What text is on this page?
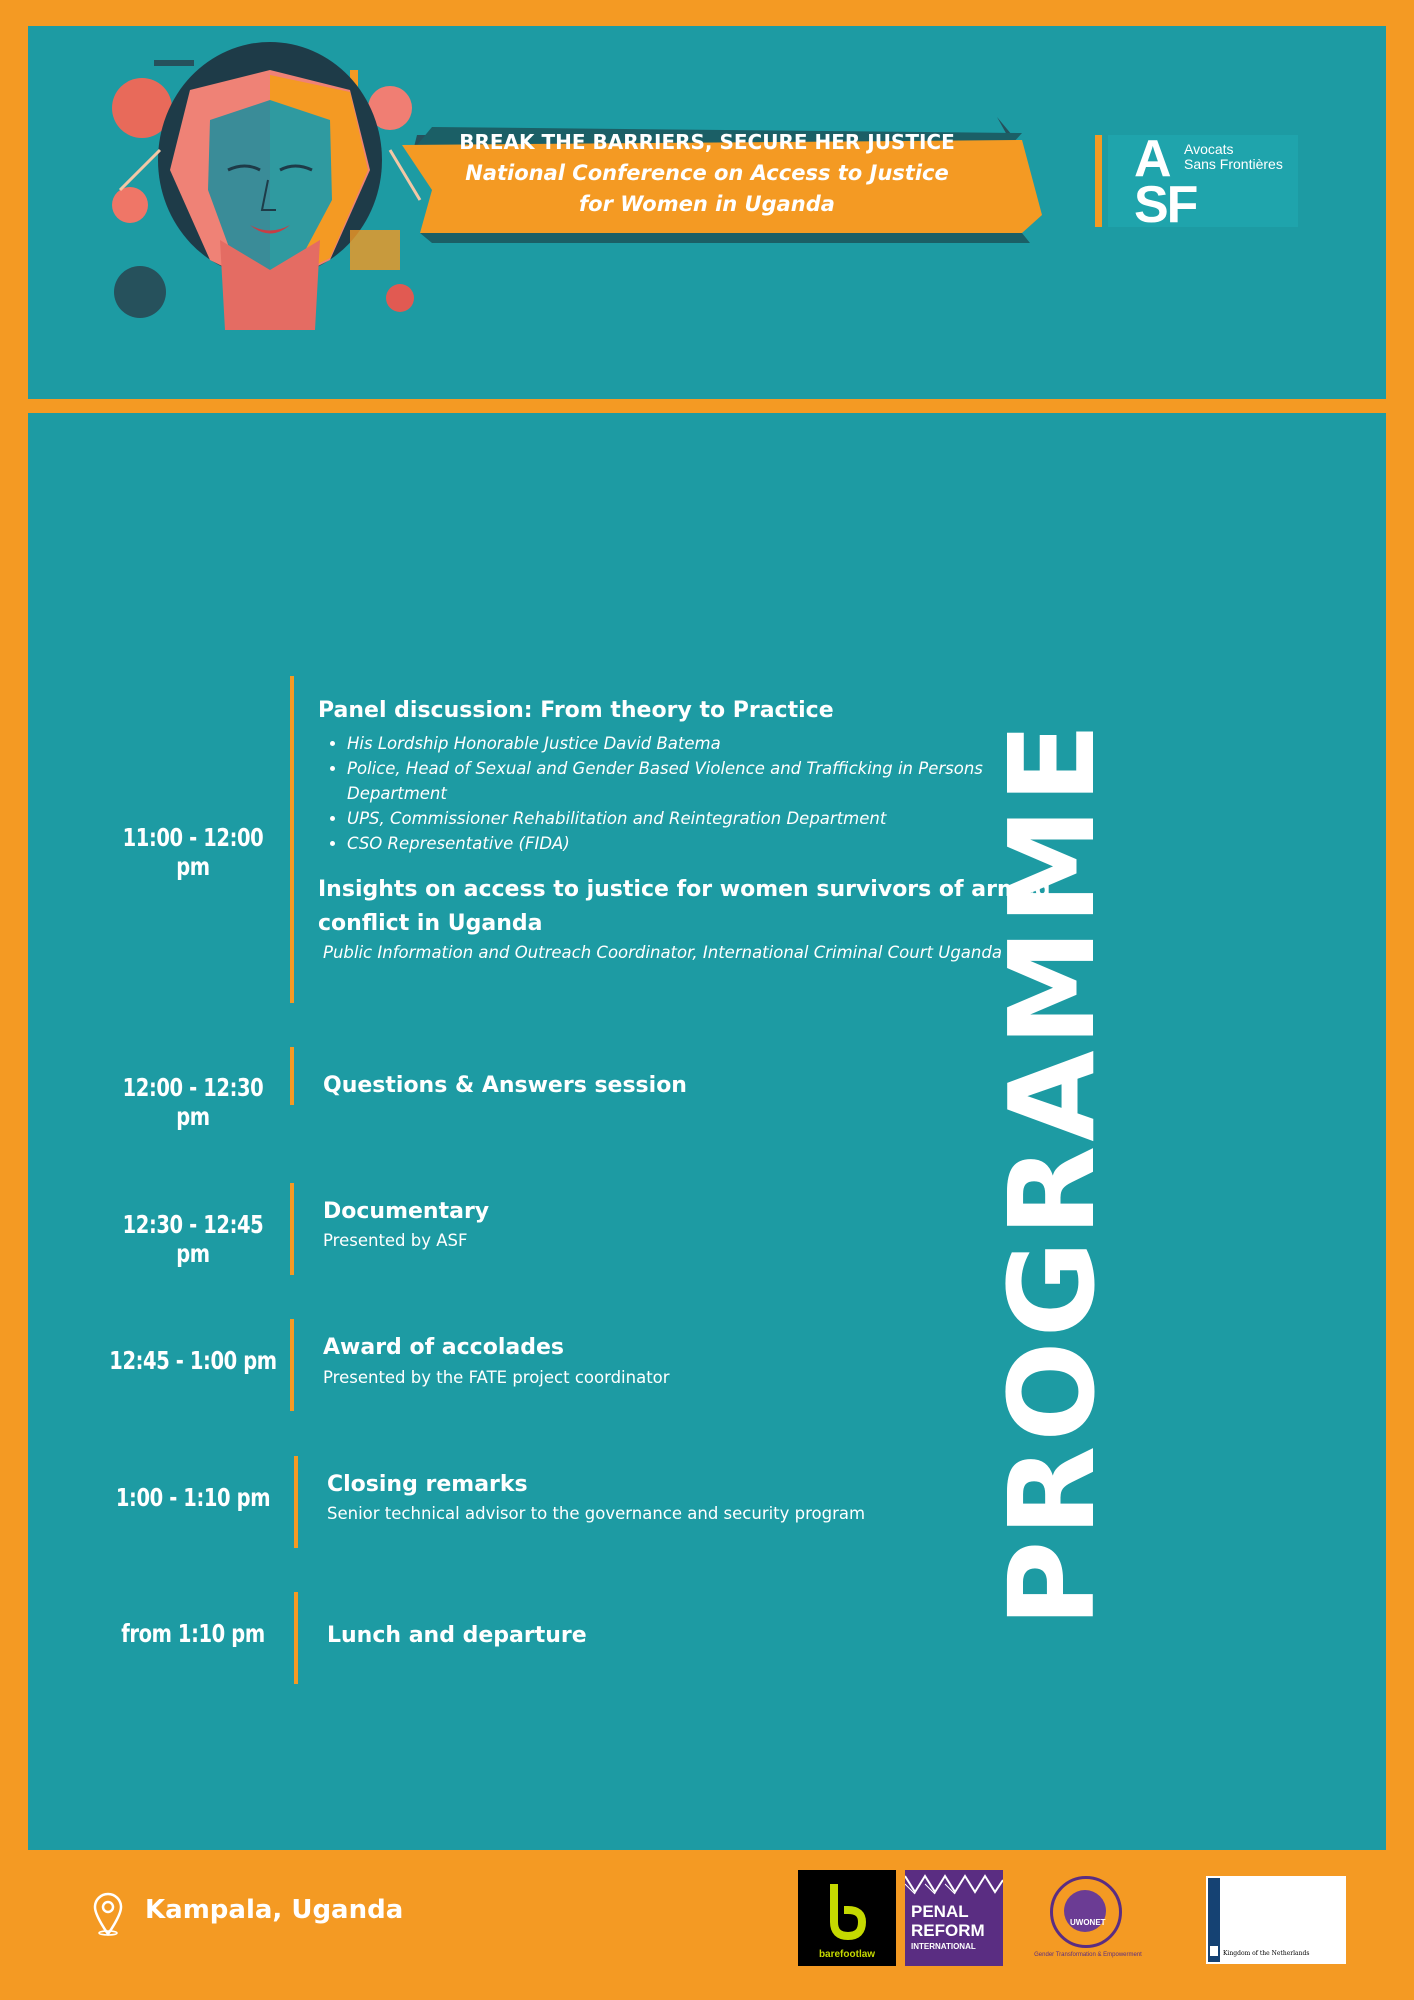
BREAK THE BARRIERS, SECURE HER JUSTICE
National Conference on Access to Justice
for Women in Uganda
A
SF
Avocats
Sans Frontières
11:00 - 12:00 pm
Panel discussion: From theory to Practice
• His Lordship Honorable Justice David Batema
• Police, Head of Sexual and Gender Based Violence and Trafficking in Persons Department
• UPS, Commissioner Rehabilitation and Reintegration Department
• CSO Representative (FIDA)
Insights on access to justice for women survivors of armed conflict in Uganda
Public Information and Outreach Coordinator, International Criminal Court Uganda
12:00 - 12:30 pm
Questions & Answers session
12:30 - 12:45 pm
Documentary
Presented by ASF
12:45 - 1:00 pm Award of accolades
Presented by the FATE project coordinator
1:00 - 1:10 pm	Closing remarks
Senior technical advisor to the governance and security program
from 1:10 pm	Lunch and departure
PROGRAMME
Kampala, Uganda
barefootlaw
PENAL
REFORM
INTERNATIONAL
UWONET
Gender Transformation & Empowerment	Kingdom of the Netherlands
